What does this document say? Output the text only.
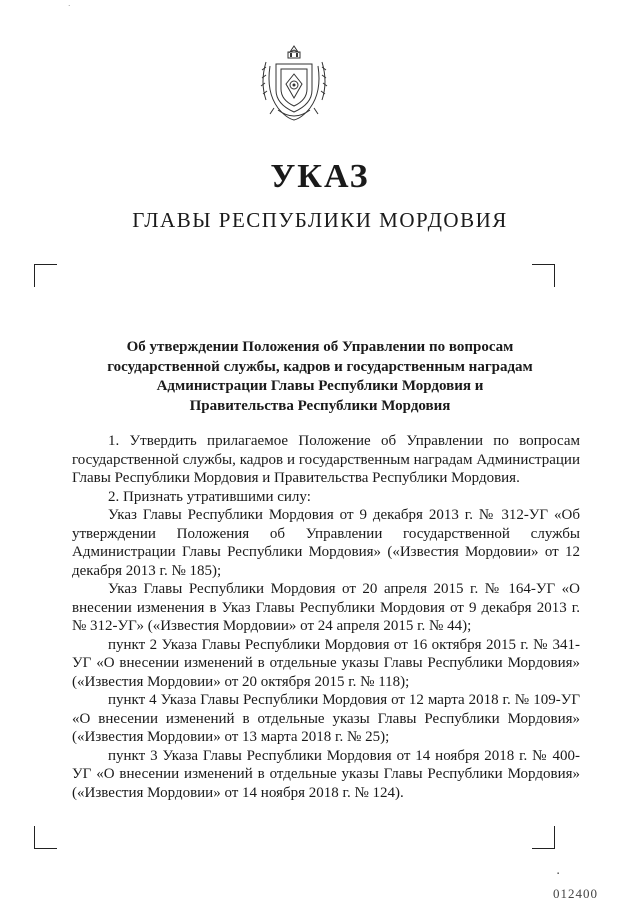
·
УКАЗ
ГЛАВЫ РЕСПУБЛИКИ МОРДОВИЯ
Об утверждении Положения об Управлении по вопросам
государственной службы, кадров и государственным наградам
Администрации Главы Республики Мордовия и
Правительства Республики Мордовия

1. Утвердить прилагаемое Положение об Управлении по вопросам государственной службы, кадров и государственным наградам Администрации Главы Республики Мордовия и Правительства Республики Мордовия.

2. Признать утратившими силу:

Указ Главы Республики Мордовия от 9 декабря 2013 г. № 312-УГ «Об утверждении Положения об Управлении государственной службы Администрации Главы Республики Мордовия» («Известия Мордовии» от 12 декабря 2013 г. № 185);

Указ Главы Республики Мордовия от 20 апреля 2015 г. № 164-УГ «О внесении изменения в Указ Главы Республики Мордовия от 9 декабря 2013 г. № 312-УГ» («Известия Мордовии» от 24 апреля 2015 г. № 44);

пункт 2 Указа Главы Республики Мордовия от 16 октября 2015 г. № 341-УГ «О внесении изменений в отдельные указы Главы Республики Мордовия» («Известия Мордовии» от 20 октября 2015 г. № 118);

пункт 4 Указа Главы Республики Мордовия от 12 марта 2018 г. № 109-УГ «О внесении изменений в отдельные указы Главы Республики Мордовия» («Известия Мордовии» от 13 марта 2018 г. № 25);

пункт 3 Указа Главы Республики Мордовия от 14 ноября 2018 г. № 400-УГ «О внесении изменений в отдельные указы Главы Республики Мордовия» («Известия Мордовии» от 14 ноября 2018 г. № 124).

▪
012400
